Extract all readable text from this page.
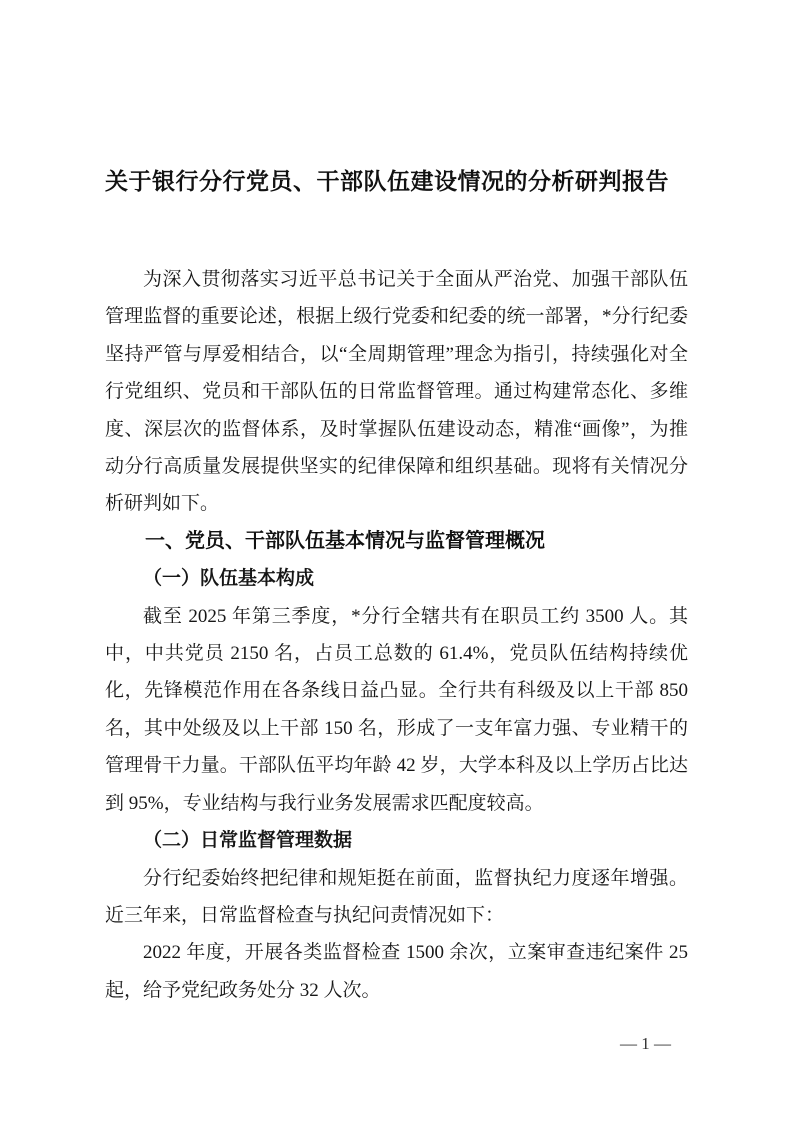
关于银行分行党员、干部队伍建设情况的分析研判报告

为深入贯彻落实习近平总书记关于全面从严治党、加强干部队伍管理监督的重要论述，根据上级行党委和纪委的统一部署，*分行纪委坚持严管与厚爱相结合，以“全周期管理”理念为指引，持续强化对全行党组织、党员和干部队伍的日常监督管理。通过构建常态化、多维度、深层次的监督体系，及时掌握队伍建设动态，精准“画像”，为推动分行高质量发展提供坚实的纪律保障和组织基础。现将有关情况分析研判如下。

一、党员、干部队伍基本情况与监督管理概况
（一）队伍基本构成

截至 2025 年第三季度，*分行全辖共有在职员工约 3500 人。其中，中共党员 2150 名，占员工总数的 61.4%，党员队伍结构持续优化，先锋模范作用在各条线日益凸显。全行共有科级及以上干部 850 名，其中处级及以上干部 150 名，形成了一支年富力强、专业精干的管理骨干力量。干部队伍平均年龄 42 岁，大学本科及以上学历占比达到 95%，专业结构与我行业务发展需求匹配度较高。

（二）日常监督管理数据

分行纪委始终把纪律和规矩挺在前面，监督执纪力度逐年增强。近三年来，日常监督检查与执纪问责情况如下：

2022 年度，开展各类监督检查 1500 余次，立案审查违纪案件 25 起，给予党纪政务处分 32 人次。

— 1 —
